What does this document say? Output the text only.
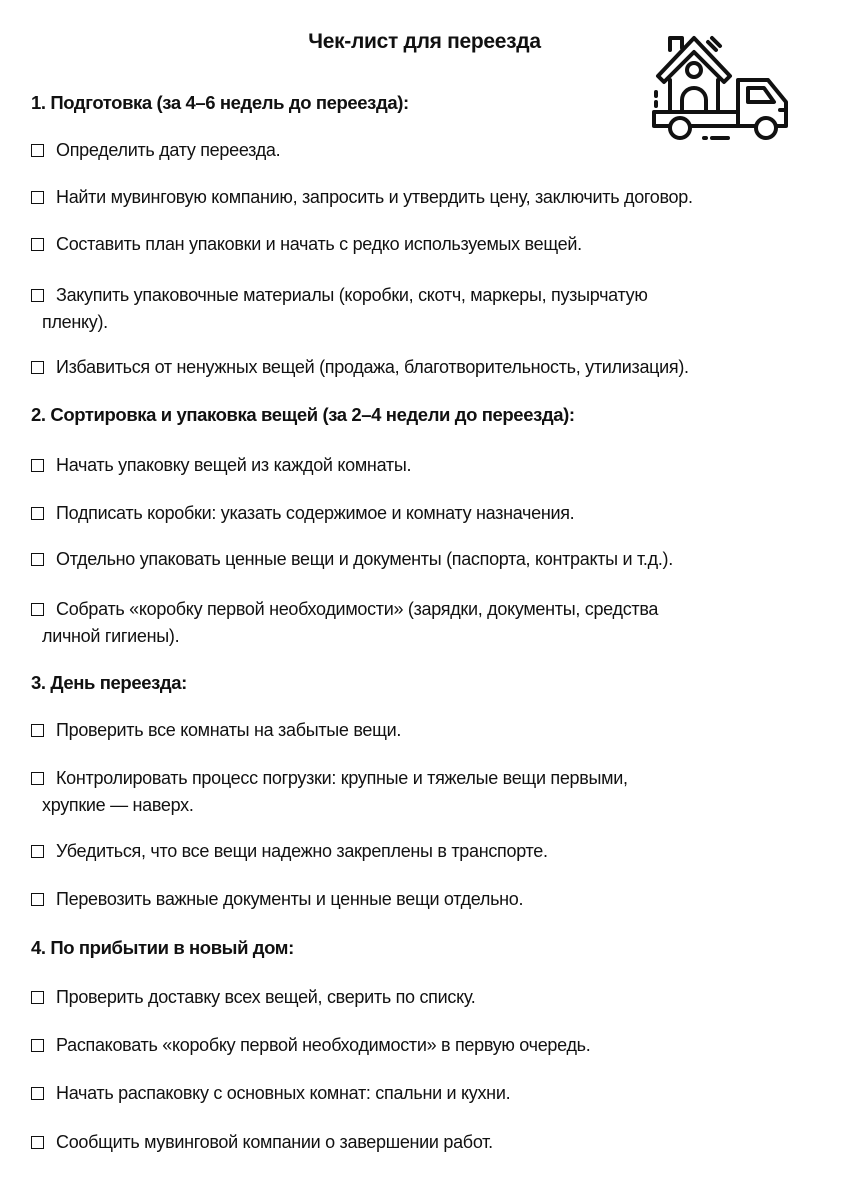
Чек-лист для переезда
1. Подготовка (за 4–6 недель до переезда):
Определить дату переезда.
Найти мувинговую компанию, запросить и утвердить цену, заключить договор.
Составить план упаковки и начать с редко используемых вещей.
Закупить упаковочные материалы (коробки, скотч, маркеры, пузырчатую
пленку).
Избавиться от ненужных вещей (продажа, благотворительность, утилизация).
2. Сортировка и упаковка вещей (за 2–4 недели до переезда):
Начать упаковку вещей из каждой комнаты.
Подписать коробки: указать содержимое и комнату назначения.
Отдельно упаковать ценные вещи и документы (паспорта, контракты и т.д.).
Собрать «коробку первой необходимости» (зарядки, документы, средства
личной гигиены).
3. День переезда:
Проверить все комнаты на забытые вещи.
Контролировать процесс погрузки: крупные и тяжелые вещи первыми,
хрупкие — наверх.
Убедиться, что все вещи надежно закреплены в транспорте.
Перевозить важные документы и ценные вещи отдельно.
4. По прибытии в новый дом:
Проверить доставку всех вещей, сверить по списку.
Распаковать «коробку первой необходимости» в первую очередь.
Начать распаковку с основных комнат: спальни и кухни.
Сообщить мувинговой компании о завершении работ.
